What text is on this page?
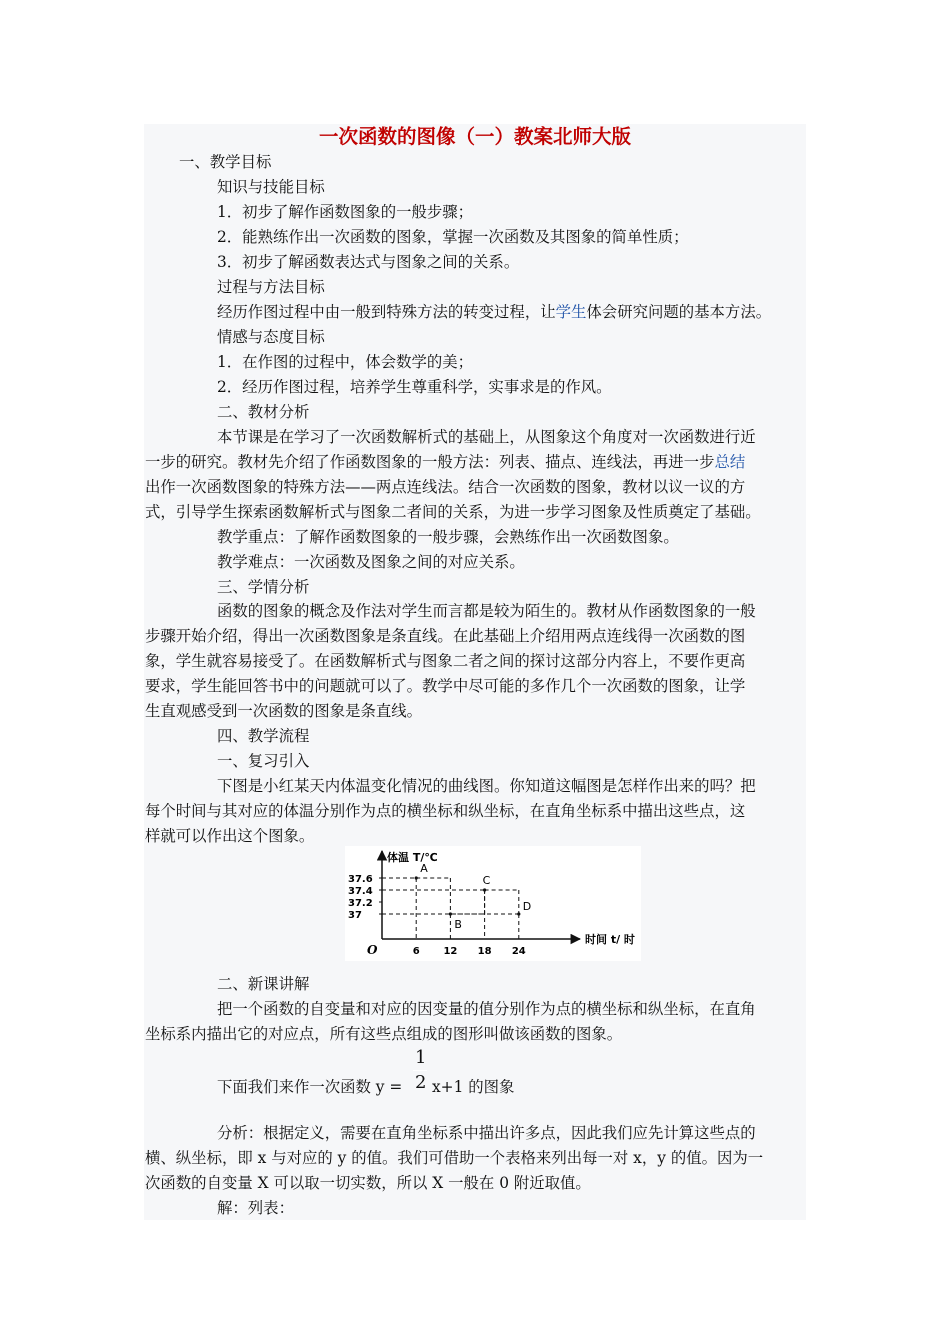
一次函数的图像（一）教案北师大版
一、教学目标
知识与技能目标
1．初步了解作函数图象的一般步骤；
2．能熟练作出一次函数的图象，掌握一次函数及其图象的简单性质；
3．初步了解函数表达式与图象之间的关系。
过程与方法目标
经历作图过程中由一般到特殊方法的转变过程，让学生体会研究问题的基本方法。
情感与态度目标
1．在作图的过程中，体会数学的美；
2．经历作图过程，培养学生尊重科学，实事求是的作风。
二、教材分析
本节课是在学习了一次函数解析式的基础上，从图象这个角度对一次函数进行近
一步的研究。教材先介绍了作函数图象的一般方法：列表、描点、连线法，再进一步总结
出作一次函数图象的特殊方法——两点连线法。结合一次函数的图象，教材以议一议的方
式，引导学生探索函数解析式与图象二者间的关系，为进一步学习图象及性质奠定了基础。
教学重点：了解作函数图象的一般步骤，会熟练作出一次函数图象。
教学难点：一次函数及图象之间的对应关系。
三、学情分析
函数的图象的概念及作法对学生而言都是较为陌生的。教材从作函数图象的一般
步骤开始介绍，得出一次函数图象是条直线。在此基础上介绍用两点连线得一次函数的图
象，学生就容易接受了。在函数解析式与图象二者之间的探讨这部分内容上，不要作更高
要求，学生能回答书中的问题就可以了。教学中尽可能的多作几个一次函数的图象，让学
生直观感受到一次函数的图象是条直线。
四、教学流程
一、复习引入
下图是小红某天内体温变化情况的曲线图。你知道这幅图是怎样作出来的吗？把
每个时间与其对应的体温分别作为点的横坐标和纵坐标，在直角坐标系中描出这些点，这
样就可以作出这个图象。
体温 T/℃
时间 t/ 时
O
37.6
37.4
37.2
37
6 12 18 24
A
B
C
D
二、新课讲解
把一个函数的自变量和对应的因变量的值分别作为点的横坐标和纵坐标，在直角
坐标系内描出它的对应点，所有这些点组成的图形叫做该函数的图象。
1
2
下面我们来作一次函数 y = x+1 的图象
分析：根据定义，需要在直角坐标系中描出许多点，因此我们应先计算这些点的
横、纵坐标，即 x 与对应的 y 的值。我们可借助一个表格来列出每一对 x，y 的值。因为一
次函数的自变量 X 可以取一切实数，所以 X 一般在 0 附近取值。
解：列表：
